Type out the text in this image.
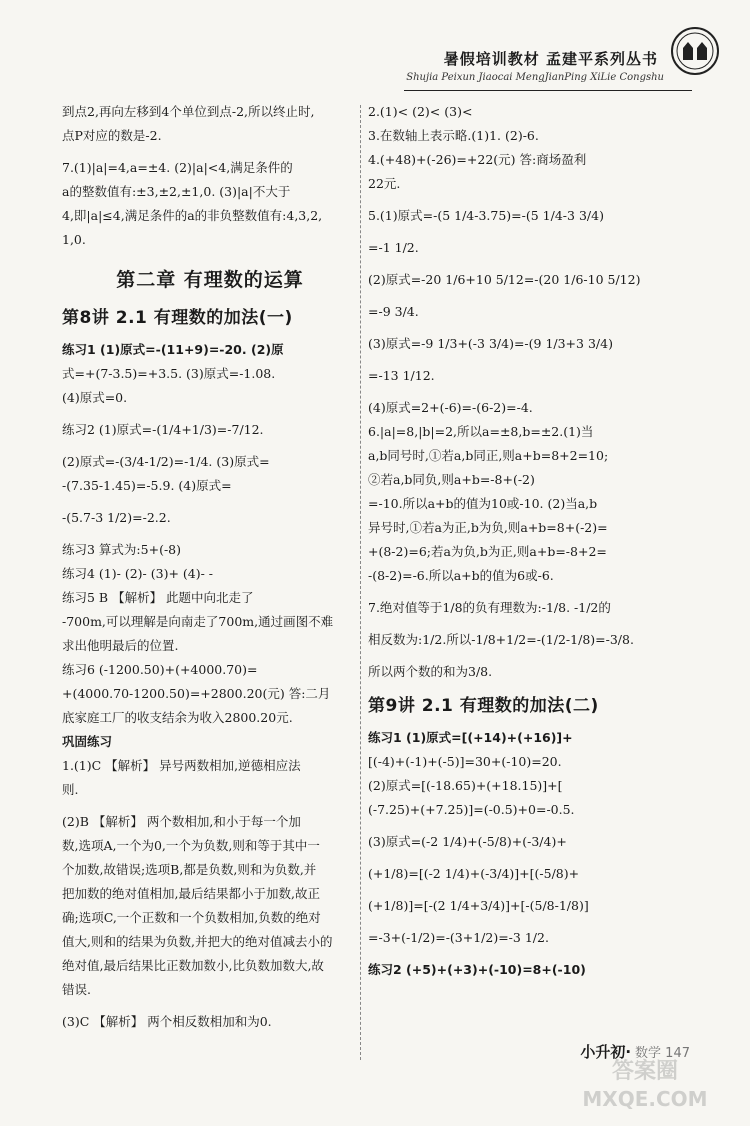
暑假培训教材 孟建平系列丛书
Shujia Peixun Jiaocai MengJianPing XiLie Congshu
到点2,再向左移到4个单位到点-2,所以终止时,
点P对应的数是-2.
7.(1)|a|=4,a=±4. (2)|a|<4,满足条件的
a的整数值有:±3,±2,±1,0. (3)|a|不大于
4,即|a|≤4,满足条件的a的非负整数值有:4,3,2,
1,0.
第二章 有理数的运算
第8讲 2.1 有理数的加法(一)
练习1 (1)原式=-(11+9)=-20. (2)原
式=+(7-3.5)=+3.5. (3)原式=-1.08.
(4)原式=0.
练习2 (1)原式=-(1/4+1/3)=-7/12.
(2)原式=-(3/4-1/2)=-1/4. (3)原式=
-(7.35-1.45)=-5.9. (4)原式=
-(5.7-3 1/2)=-2.2.
练习3 算式为:5+(-8)
练习4 (1)- (2)- (3)+ (4)- -
练习5 B 【解析】 此题中向北走了
-700m,可以理解是向南走了700m,通过画图不难
求出他明最后的位置.
练习6 (-1200.50)+(+4000.70)=
+(4000.70-1200.50)=+2800.20(元) 答:二月
底家庭工厂的收支结余为收入2800.20元.
巩固练习
1.(1)C 【解析】 异号两数相加,逆德相应法
则.
(2)B 【解析】 两个数相加,和小于每一个加
数,选项A,一个为0,一个为负数,则和等于其中一
个加数,故错误;选项B,都是负数,则和为负数,并
把加数的绝对值相加,最后结果都小于加数,故正
确;选项C,一个正数和一个负数相加,负数的绝对
值大,则和的结果为负数,并把大的绝对值减去小的
绝对值,最后结果比正数加数小,比负数加数大,故
错误.
(3)C 【解析】 两个相反数相加和为0.
2.(1)< (2)< (3)<
3.在数轴上表示略.(1)1. (2)-6.
4.(+48)+(-26)=+22(元) 答:商场盈利
22元.
5.(1)原式=-(5 1/4-3.75)=-(5 1/4-3 3/4)
=-1 1/2.
(2)原式=-20 1/6+10 5/12=-(20 1/6-10 5/12)
=-9 3/4.
(3)原式=-9 1/3+(-3 3/4)=-(9 1/3+3 3/4)
=-13 1/12.
(4)原式=2+(-6)=-(6-2)=-4.
6.|a|=8,|b|=2,所以a=±8,b=±2.(1)当
a,b同号时,①若a,b同正,则a+b=8+2=10;
②若a,b同负,则a+b=-8+(-2)
=-10.所以a+b的值为10或-10. (2)当a,b
异号时,①若a为正,b为负,则a+b=8+(-2)=
+(8-2)=6;若a为负,b为正,则a+b=-8+2=
-(8-2)=-6.所以a+b的值为6或-6.
7.绝对值等于1/8的负有理数为:-1/8. -1/2的
相反数为:1/2.所以-1/8+1/2=-(1/2-1/8)=-3/8.
所以两个数的和为3/8.
第9讲 2.1 有理数的加法(二)
练习1 (1)原式=[(+14)+(+16)]+
[(-4)+(-1)+(-5)]=30+(-10)=20.
(2)原式=[(-18.65)+(+18.15)]+[
(-7.25)+(+7.25)]=(-0.5)+0=-0.5.
(3)原式=(-2 1/4)+(-5/8)+(-3/4)+
(+1/8)=[(-2 1/4)+(-3/4)]+[(-5/8)+
(+1/8)]=[-(2 1/4+3/4)]+[-(5/8-1/8)]
=-3+(-1/2)=-(3+1/2)=-3 1/2.
练习2 (+5)+(+3)+(-10)=8+(-10)
小升初· 数学 147
答案圈
MXQE.COM
